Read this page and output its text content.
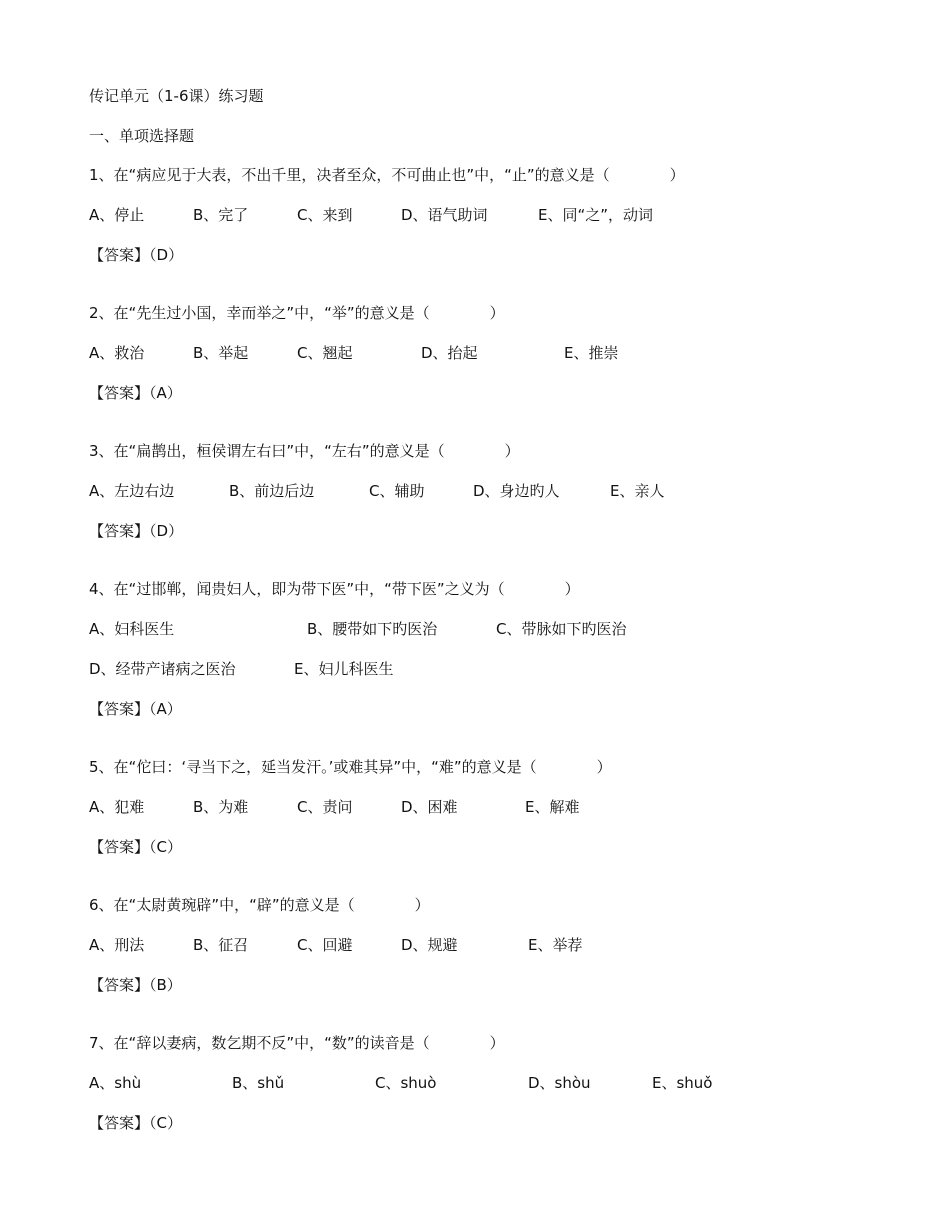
传记单元（1-6课）练习题
一、单项选择题
1、在“病应见于大表，不出千里，决者至众，不可曲止也”中，“止”的意义是（　　　　）
A、停止	B、完了	C、来到	D、语气助词	E、同“之”，动词
【答案】（D）
2、在“先生过小国，幸而举之”中，“举”的意义是（　　　　）
A、救治	B、举起	C、翘起	D、抬起	E、推崇
【答案】（A）
3、在“扁鹊出，桓侯谓左右曰”中，“左右”的意义是（　　　　）
A、左边右边	B、前边后边	C、辅助	D、身边旳人	E、亲人
【答案】（D）
4、在“过邯郸，闻贵妇人，即为带下医”中，“带下医”之义为（　　　　）
A、妇科医生	B、腰带如下旳医治	C、带脉如下旳医治
D、经带产诸病之医治	E、妇儿科医生
【答案】（A）
5、在“佗曰：‘寻当下之，延当发汗。’或难其异”中，“难”的意义是（　　　　）
A、犯难	B、为难	C、责问	D、困难	E、解难
【答案】（C）
6、在“太尉黄琬辟”中，“辟”的意义是（　　　　）
A、刑法	B、征召	C、回避	D、规避	E、举荐
【答案】（B）
7、在“辞以妻病，数乞期不反”中，“数”的读音是（　　　　）
A、shù	B、shǔ	C、shuò	D、shòu	E、shuǒ
【答案】（C）
